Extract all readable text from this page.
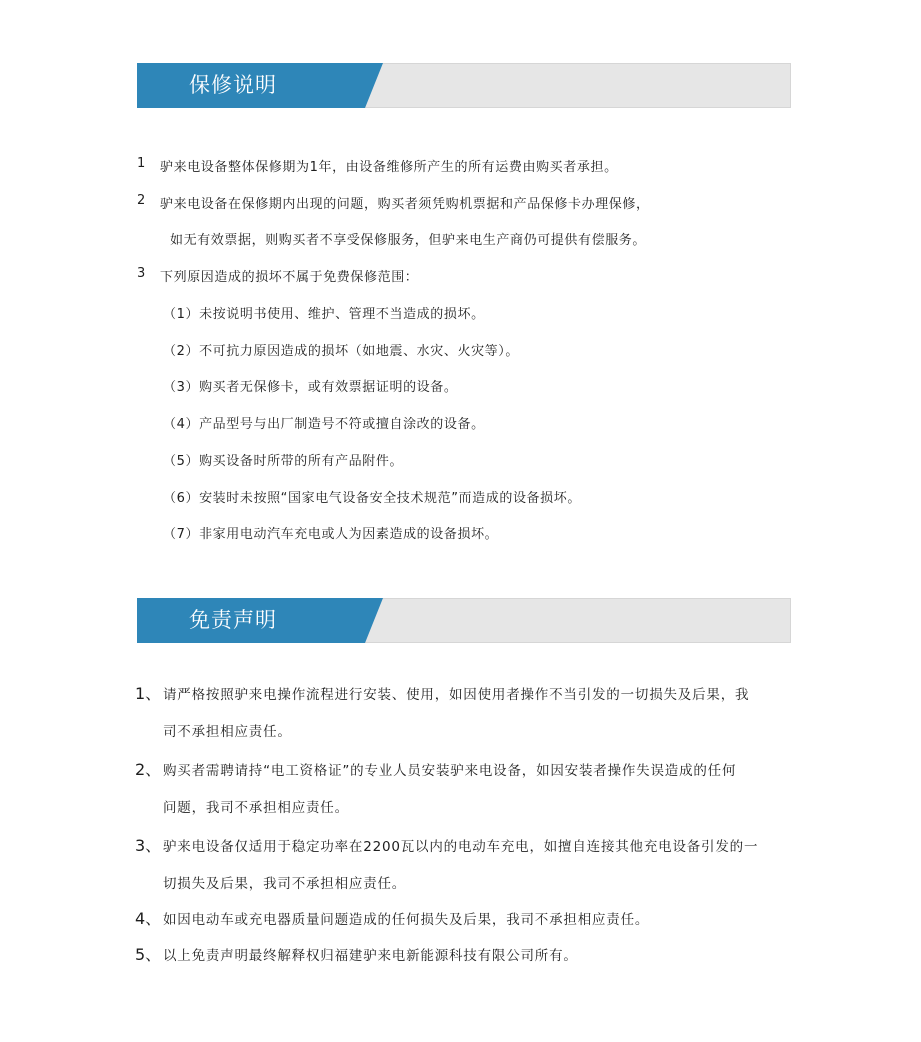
保修说明
1 驴来电设备整体保修期为1年，由设备维修所产生的所有运费由购买者承担。
2 驴来电设备在保修期内出现的问题，购买者须凭购机票据和产品保修卡办理保修，
如无有效票据，则购买者不享受保修服务，但驴来电生产商仍可提供有偿服务。
3 下列原因造成的损坏不属于免费保修范围：
（1）未按说明书使用、维护、管理不当造成的损坏。
（2）不可抗力原因造成的损坏（如地震、水灾、火灾等）。
（3）购买者无保修卡，或有效票据证明的设备。
（4）产品型号与出厂制造号不符或擅自涂改的设备。
（5）购买设备时所带的所有产品附件。
（6）安装时未按照“国家电气设备安全技术规范”而造成的设备损坏。
（7）非家用电动汽车充电或人为因素造成的设备损坏。
免责声明
1、 请严格按照驴来电操作流程进行安装、使用，如因使用者操作不当引发的一切损失及后果，我
司不承担相应责任。
2、 购买者需聘请持“电工资格证”的专业人员安装驴来电设备，如因安装者操作失误造成的任何
问题，我司不承担相应责任。
3、 驴来电设备仅适用于稳定功率在2200瓦以内的电动车充电，如擅自连接其他充电设备引发的一
切损失及后果，我司不承担相应责任。
4、 如因电动车或充电器质量问题造成的任何损失及后果，我司不承担相应责任。
5、 以上免责声明最终解释权归福建驴来电新能源科技有限公司所有。
